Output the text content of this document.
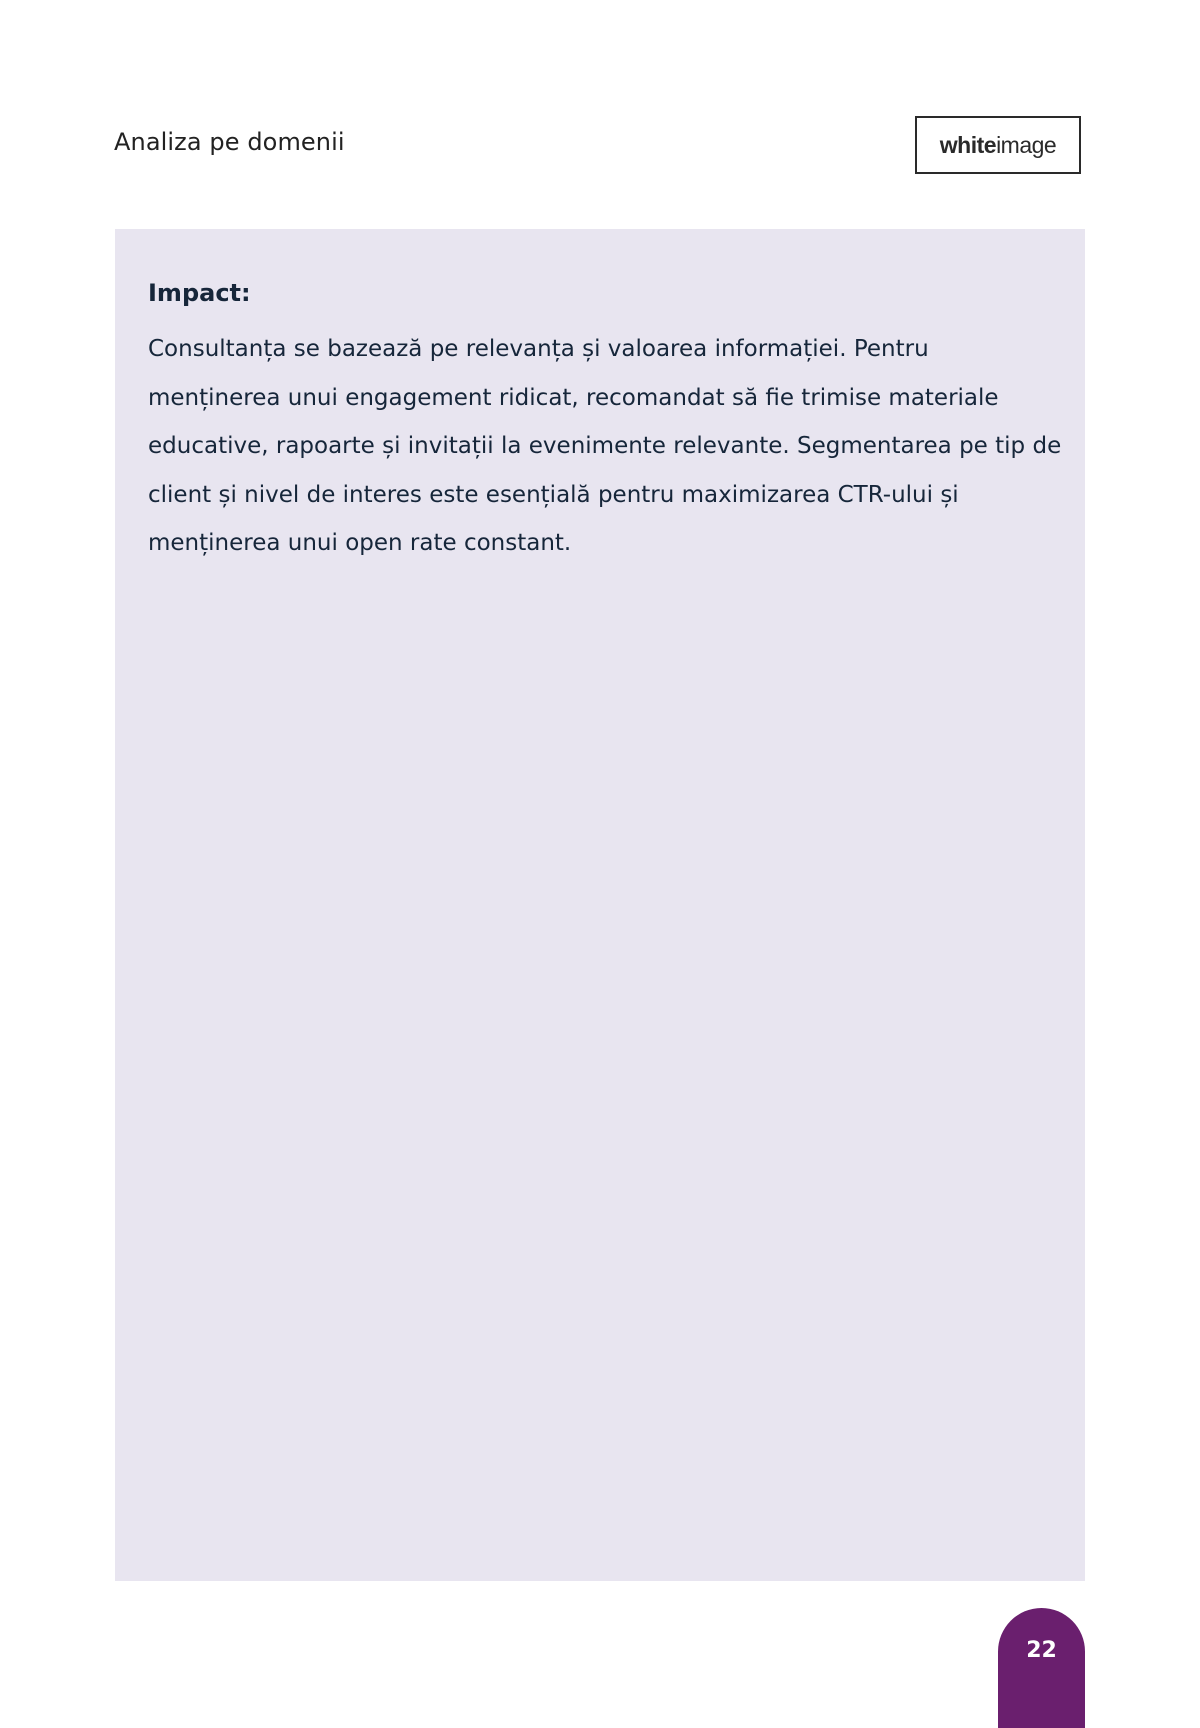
Analiza pe domenii	white image
Impact:
Consultanța se bazează pe relevanța și valoarea informației. Pentru menținerea unui engagement ridicat, recomandat să fie trimise materiale educative, rapoarte și invitații la evenimente relevante. Segmentarea pe tip de client și nivel de interes este esențială pentru maximizarea CTR-ului și menținerea unui open rate constant.
22
